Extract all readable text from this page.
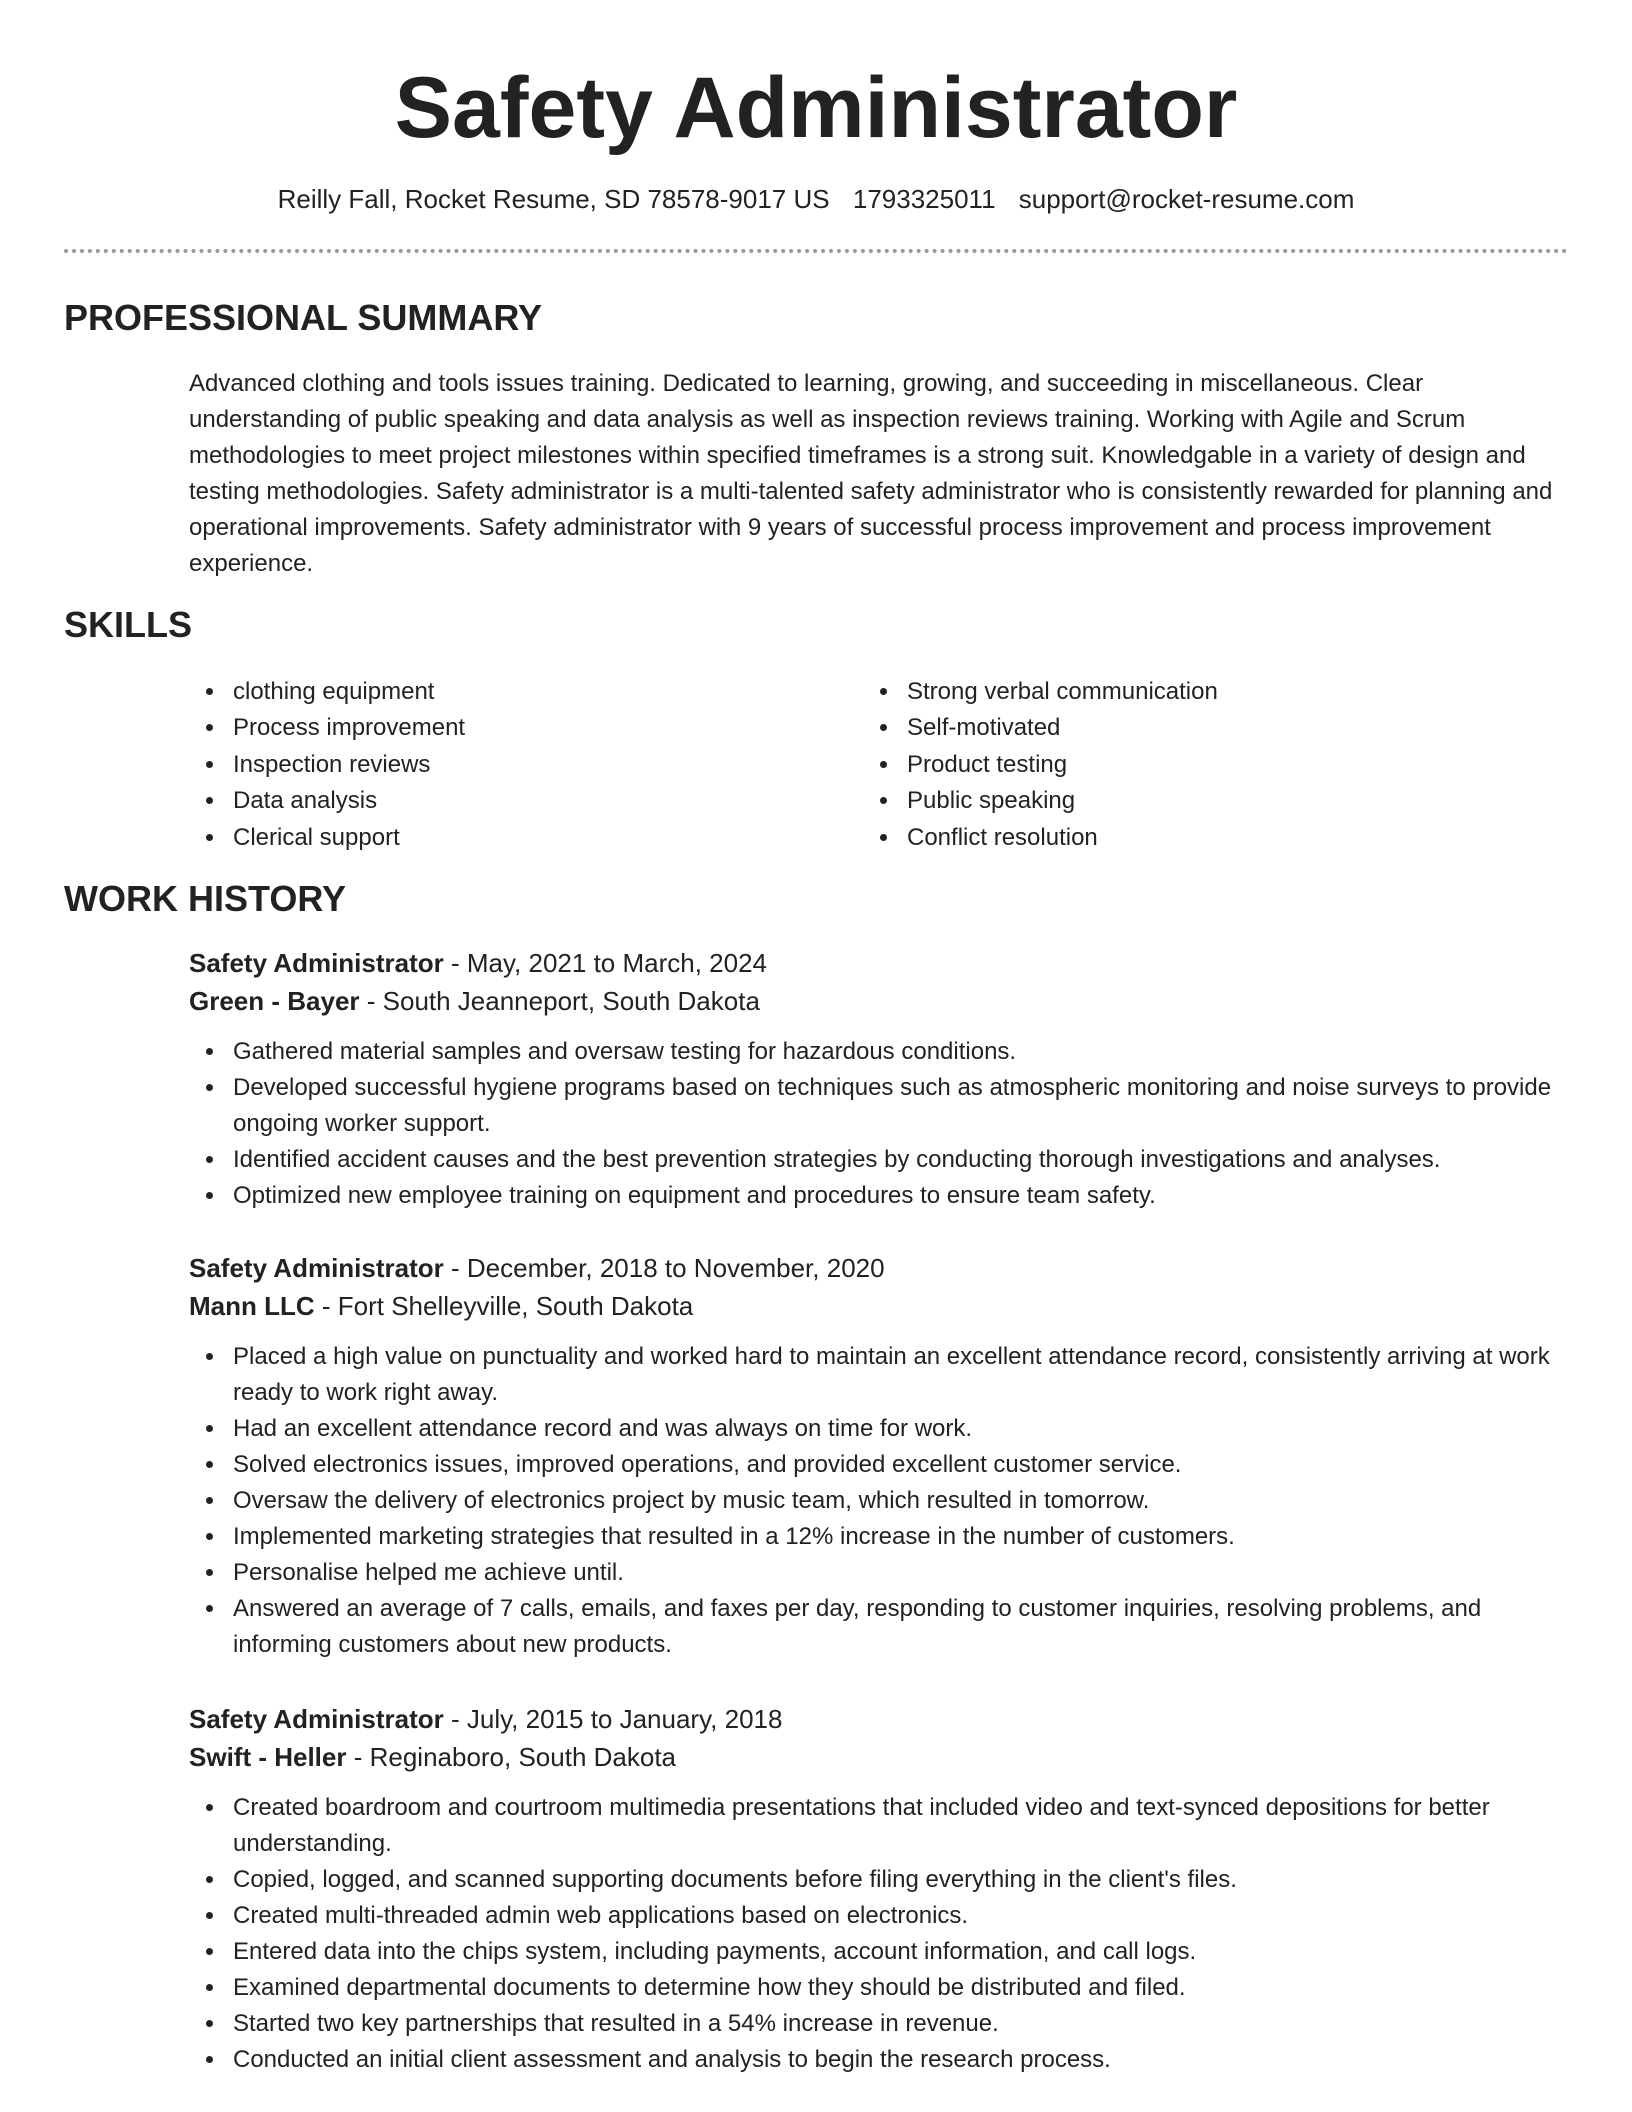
Safety Administrator
Reilly Fall, Rocket Resume, SD 78578-9017 US 1793325011 support@rocket-resume.com
PROFESSIONAL SUMMARY

Advanced clothing and tools issues training. Dedicated to learning, growing, and succeeding in miscellaneous. Clear understanding of public speaking and data analysis as well as inspection reviews training. Working with Agile and Scrum methodologies to meet project milestones within specified timeframes is a strong suit. Knowledgable in a variety of design and testing methodologies. Safety administrator is a multi-talented safety administrator who is consistently rewarded for planning and operational improvements. Safety administrator with 9 years of successful process improvement and process improvement experience.

SKILLS
clothing equipment
Process improvement
Inspection reviews
Data analysis
Clerical support
Strong verbal communication
Self-motivated
Product testing
Public speaking
Conflict resolution
WORK HISTORY

Safety Administrator - May, 2021 to March, 2024

Green - Bayer - South Jeanneport, South Dakota

Gathered material samples and oversaw testing for hazardous conditions.
Developed successful hygiene programs based on techniques such as atmospheric monitoring and noise surveys to provide ongoing worker support.
Identified accident causes and the best prevention strategies by conducting thorough investigations and analyses.
Optimized new employee training on equipment and procedures to ensure team safety.

Safety Administrator - December, 2018 to November, 2020

Mann LLC - Fort Shelleyville, South Dakota

Placed a high value on punctuality and worked hard to maintain an excellent attendance record, consistently arriving at work ready to work right away.
Had an excellent attendance record and was always on time for work.
Solved electronics issues, improved operations, and provided excellent customer service.
Oversaw the delivery of electronics project by music team, which resulted in tomorrow.
Implemented marketing strategies that resulted in a 12% increase in the number of customers.
Personalise helped me achieve until.
Answered an average of 7 calls, emails, and faxes per day, responding to customer inquiries, resolving problems, and informing customers about new products.

Safety Administrator - July, 2015 to January, 2018

Swift - Heller - Reginaboro, South Dakota

Created boardroom and courtroom multimedia presentations that included video and text-synced depositions for better understanding.
Copied, logged, and scanned supporting documents before filing everything in the client's files.
Created multi-threaded admin web applications based on electronics.
Entered data into the chips system, including payments, account information, and call logs.
Examined departmental documents to determine how they should be distributed and filed.
Started two key partnerships that resulted in a 54% increase in revenue.
Conducted an initial client assessment and analysis to begin the research process.
